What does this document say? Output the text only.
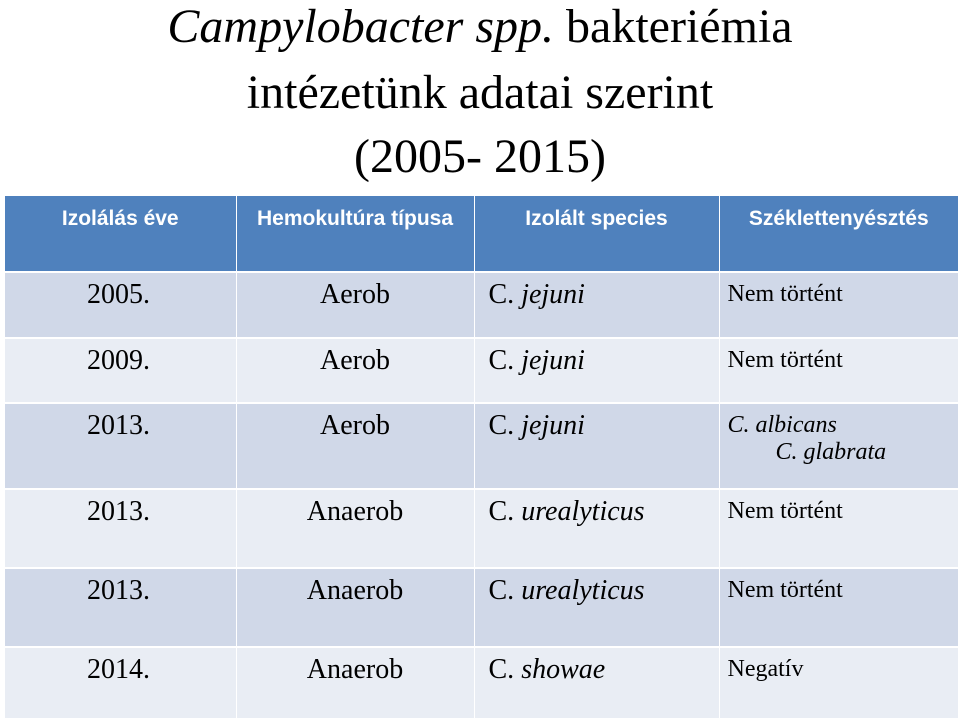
Campylobacter spp. bakteriémia
intézetünk adatai szerint
(2005- 2015)
Izolálás éve	Hemokultúra típusa	Izolált species	Széklettenyésztés
2005.	Aerob	C. jejuni	Nem történt
2009.	Aerob	C. jejuni	Nem történt
2013.	Aerob	C. jejuni	C. albicans
C. glabrata

2013.	Anaerob	C. urealyticus	Nem történt
2013.	Anaerob	C. urealyticus	Nem történt
2014.	Anaerob	C. showae	Negatív
